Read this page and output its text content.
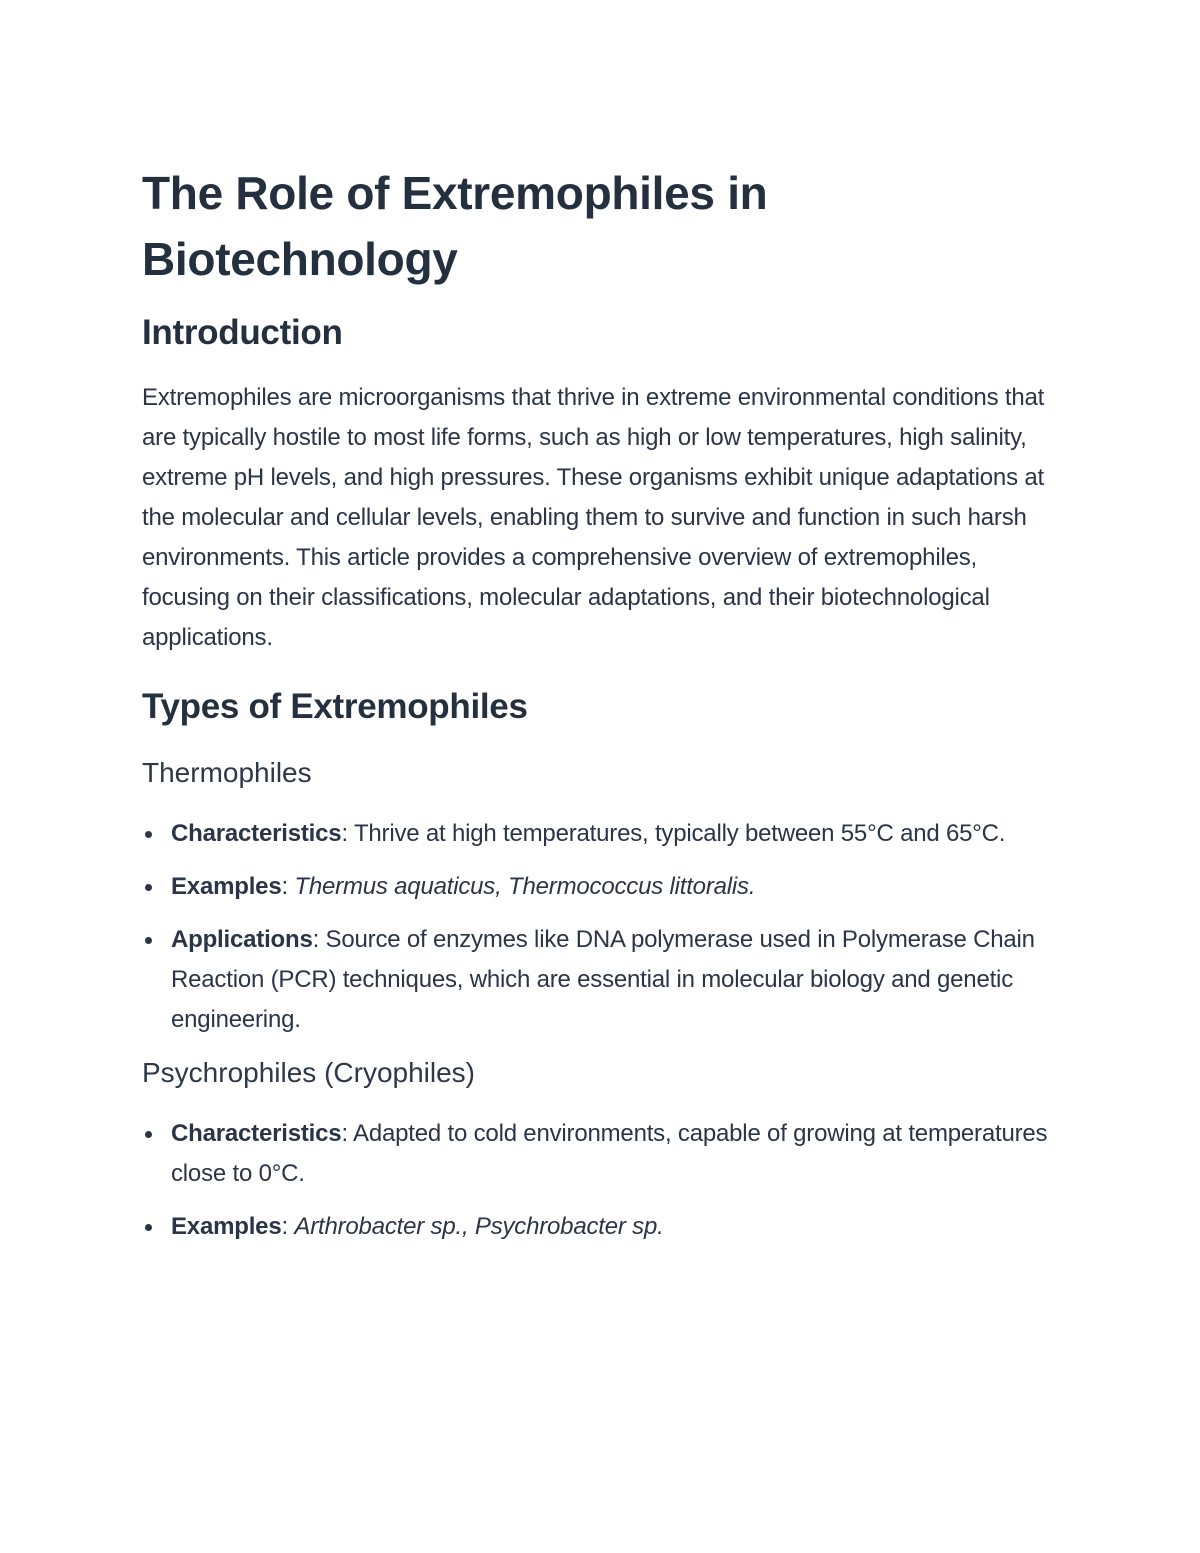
The Role of Extremophiles in Biotechnology
Introduction

Extremophiles are microorganisms that thrive in extreme environmental conditions that are typically hostile to most life forms, such as high or low temperatures, high salinity, extreme pH levels, and high pressures. These organisms exhibit unique adaptations at the molecular and cellular levels, enabling them to survive and function in such harsh environments. This article provides a comprehensive overview of extremophiles, focusing on their classifications, molecular adaptations, and their biotechnological applications.

Types of Extremophiles
Thermophiles
Characteristics: Thrive at high temperatures, typically between 55°C and 65°C.
Examples: Thermus aquaticus, Thermococcus littoralis.
Applications: Source of enzymes like DNA polymerase used in Polymerase Chain Reaction (PCR) techniques, which are essential in molecular biology and genetic engineering.
Psychrophiles (Cryophiles)
Characteristics: Adapted to cold environments, capable of growing at temperatures close to 0°C.
Examples: Arthrobacter sp., Psychrobacter sp.
